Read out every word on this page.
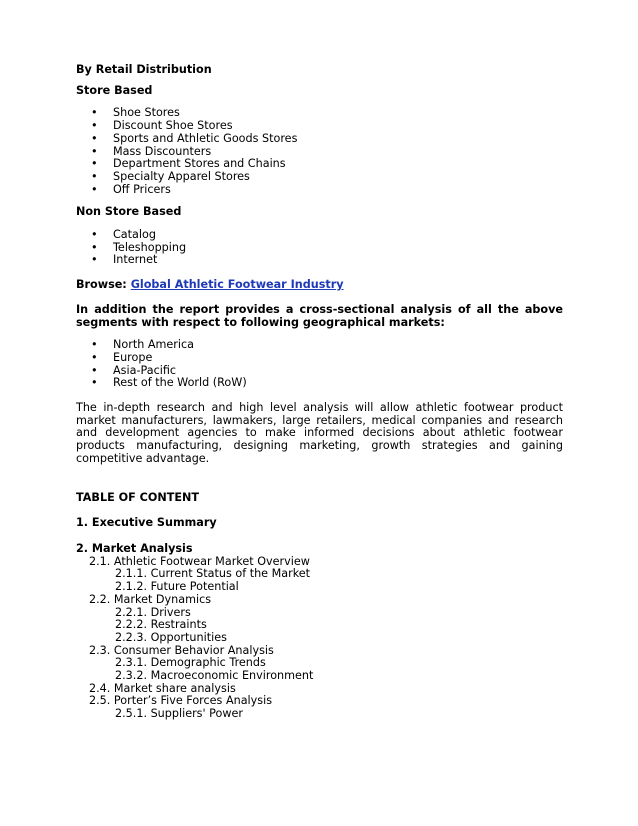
By Retail Distribution
Store Based
• Shoe Stores
• Discount Shoe Stores
• Sports and Athletic Goods Stores
• Mass Discounters
• Department Stores and Chains
• Specialty Apparel Stores
• Off Pricers
Non Store Based
• Catalog
• Teleshopping
• Internet
Browse: Global Athletic Footwear Industry
In addition the report provides a cross-sectional analysis of all the above segments with respect to following geographical markets:
• North America
• Europe
• Asia-Pacific
• Rest of the World (RoW)
The in-depth research and high level analysis will allow athletic footwear product market manufacturers, lawmakers, large retailers, medical companies and research and development agencies to make informed decisions about athletic footwear products manufacturing, designing marketing, growth strategies and gaining competitive advantage.
TABLE OF CONTENT
1. Executive Summary
2. Market Analysis
2.1. Athletic Footwear Market Overview
2.1.1. Current Status of the Market
2.1.2. Future Potential
2.2. Market Dynamics
2.2.1. Drivers
2.2.2. Restraints
2.2.3. Opportunities
2.3. Consumer Behavior Analysis
2.3.1. Demographic Trends
2.3.2. Macroeconomic Environment
2.4. Market share analysis
2.5. Porter’s Five Forces Analysis
2.5.1. Suppliers' Power
